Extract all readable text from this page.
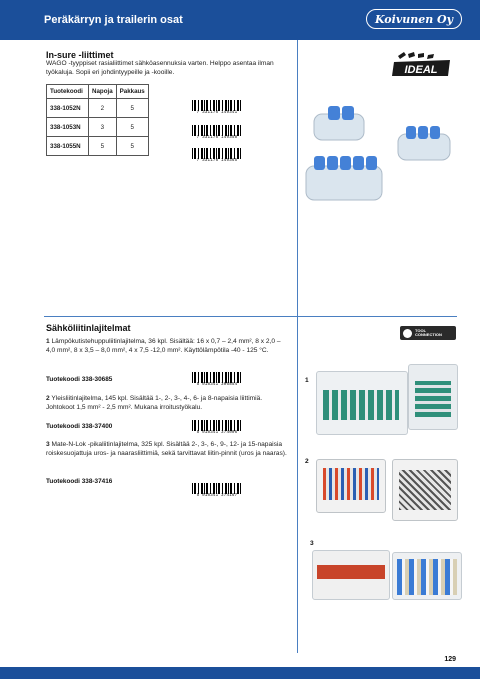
Peräkärryn ja trailerin osat	Koivunen Oy
In-sure -liittimet
WAGO -tyyppiset rasialiittimet sähköasennuksia varten. Helppo asentaa ilman työkaluja. Sopii eri johdintyypeille ja -kooille.
Tuotekoodi	Napoja	Pakkaus
338-1052N	2	5
338-1053N	3	5
338-1055N	5	5
7 331176 149341
7 331176 149358
7 331176 149365
IDEAL
Sähköliitinlajitelmat	TOOL
CONNECTION
1 Lämpökutistehuppuliitinlajitelma, 36 kpl. Sisältää: 16 x 0,7 – 2,4 mm², 8 x 2,0 – 4,0 mm², 8 x 3,5 – 8,0 mm², 4 x 7,5 -12,0 mm². Käyttölämpötila -40 - 125 °C.
Tuotekoodi 338-30685
5 018341 306854
2 Yleisliitinlajitelma, 145 kpl. Sisältää 1-, 2-, 3-, 4-, 6- ja 8-napaisia liittimiä. Johtokoot 1,5 mm² - 2,5 mm². Mukana irroitustyökalu.
Tuotekoodi 338-37400
5 018341 374006
3 Mate-N-Lok -pikaliitinlajitelma, 325 kpl. Sisältää 2-, 3-, 6-, 9-, 12- ja 15-napaisia roiskesuojattuja uros- ja naarasliittimiä, sekä tarvittavat liitin-pinnit (uros ja naaras).
Tuotekoodi 338-37416
5 018341 374167
1
2
3
129
